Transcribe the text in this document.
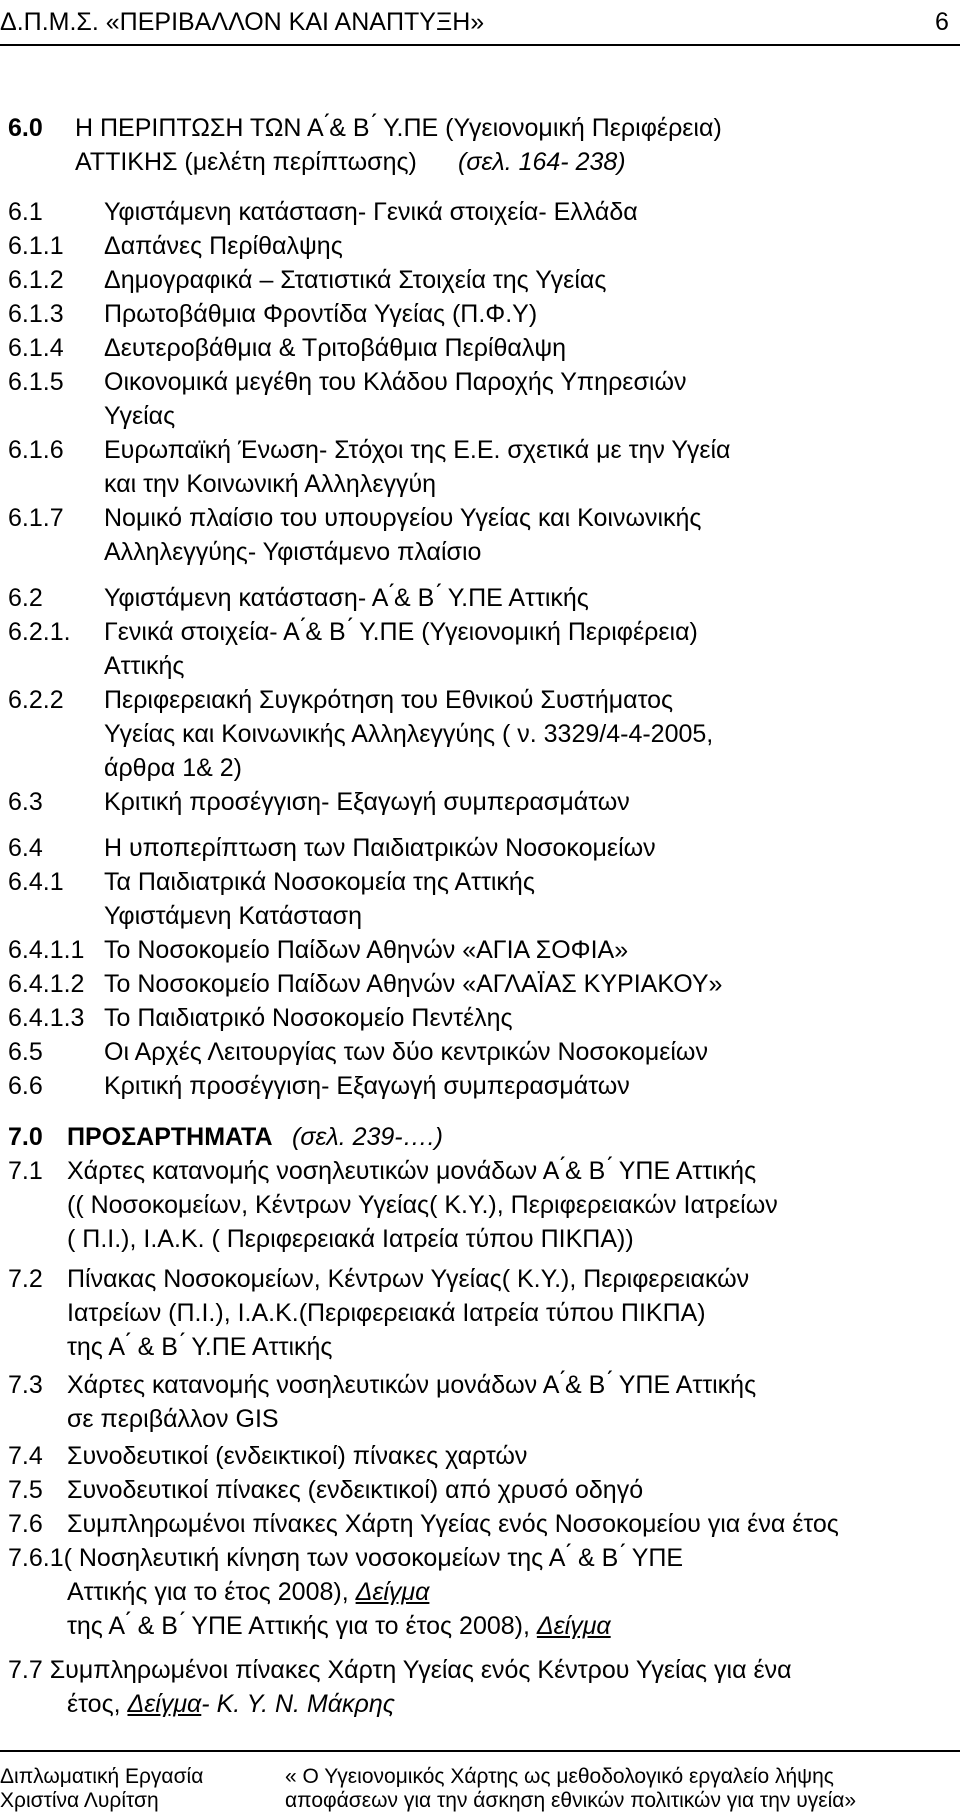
Δ.Π.Μ.Σ. «ΠΕΡΙΒΑΛΛΟΝ ΚΑΙ ΑΝΑΠΤΥΞΗ»	6
6.0 Η ΠΕΡΙΠΤΩΣΗ ΤΩΝ Α ́& Β ́ Υ.ΠΕ (Υγειονομική Περιφέρεια)
ΑΤΤΙΚΗΣ (μελέτη περίπτωσης) (σελ. 164- 238)
6.1 Υφιστάμενη κατάσταση- Γενικά στοιχεία- Ελλάδα
6.1.1 Δαπάνες Περίθαλψης
6.1.2 Δημογραφικά – Στατιστικά Στοιχεία της Υγείας
6.1.3 Πρωτοβάθμια Φροντίδα Υγείας (Π.Φ.Υ)
6.1.4 Δευτεροβάθμια & Τριτοβάθμια Περίθαλψη
6.1.5 Οικονομικά μεγέθη του Κλάδου Παροχής Υπηρεσιών
Υγείας
6.1.6 Ευρωπαϊκή Ένωση- Στόχοι της Ε.Ε. σχετικά με την Υγεία
και την Κοινωνική Αλληλεγγύη
6.1.7 Νομικό πλαίσιο του υπουργείου Υγείας και Κοινωνικής
Αλληλεγγύης- Υφιστάμενο πλαίσιο
6.2 Υφιστάμενη κατάσταση- Α ́& Β ́ Υ.ΠΕ Αττικής
6.2.1. Γενικά στοιχεία- Α ́& Β ́ Υ.ΠΕ (Υγειονομική Περιφέρεια)
Αττικής
6.2.2 Περιφερειακή Συγκρότηση του Εθνικού Συστήματος
Υγείας και Κοινωνικής Αλληλεγγύης ( ν. 3329/4-4-2005,
άρθρα 1& 2)
6.3 Κριτική προσέγγιση- Εξαγωγή συμπερασμάτων
6.4 Η υποπερίπτωση των Παιδιατρικών Νοσοκομείων
6.4.1 Τα Παιδιατρικά Νοσοκομεία της Αττικής
Υφιστάμενη Κατάσταση
6.4.1.1 Το Νοσοκομείο Παίδων Αθηνών «ΑΓΙΑ ΣΟΦΙΑ»
6.4.1.2 Το Νοσοκομείο Παίδων Αθηνών «ΑΓΛΑΪΑΣ ΚΥΡΙΑΚΟΥ»
6.4.1.3 Το Παιδιατρικό Νοσοκομείο Πεντέλης
6.5 Οι Αρχές Λειτουργίας των δύο κεντρικών Νοσοκομείων
6.6 Κριτική προσέγγιση- Εξαγωγή συμπερασμάτων
7.0 ΠΡΟΣΑΡΤΗΜΑΤΑ (σελ. 239-….)
7.1 Χάρτες κατανομής νοσηλευτικών μονάδων Α ́& Β ́ ΥΠΕ Αττικής
(( Νοσοκομείων, Κέντρων Υγείας( Κ.Υ.), Περιφερειακών Ιατρείων
( Π.Ι.), Ι.Α.Κ. ( Περιφερειακά Ιατρεία τύπου ΠΙΚΠΑ))
7.2 Πίνακας Νοσοκομείων, Κέντρων Υγείας( Κ.Υ.), Περιφερειακών
Ιατρείων (Π.Ι.), Ι.Α.Κ.(Περιφερειακά Ιατρεία τύπου ΠΙΚΠΑ)
της Α ́ & Β ́ Υ.ΠΕ Αττικής
7.3 Χάρτες κατανομής νοσηλευτικών μονάδων Α ́& Β ́ ΥΠΕ Αττικής
σε περιβάλλον GIS
7.4 Συνοδευτικοί (ενδεικτικοί) πίνακες χαρτών
7.5 Συνοδευτικοί πίνακες (ενδεικτικοί) από χρυσό οδηγό
7.6 Συμπληρωμένοι πίνακες Χάρτη Υγείας ενός Νοσοκομείου για ένα έτος
7.6.1( Νοσηλευτική κίνηση των νοσοκομείων της Α ́ & Β ́ ΥΠΕ
Αττικής για το έτος 2008), Δείγμα
της Α ́ & Β ́ ΥΠΕ Αττικής για το έτος 2008), Δείγμα
7.7 Συμπληρωμένοι πίνακες Χάρτη Υγείας ενός Κέντρου Υγείας για ένα
έτος, Δείγμα- Κ. Υ. Ν. Μάκρης
Διπλωματική Εργασία	« Ο Υγειονομικός Χάρτης ως μεθοδολογικό εργαλείο λήψης
Χριστίνα Λυρίτση	αποφάσεων για την άσκηση εθνικών πολιτικών για την υγεία»
